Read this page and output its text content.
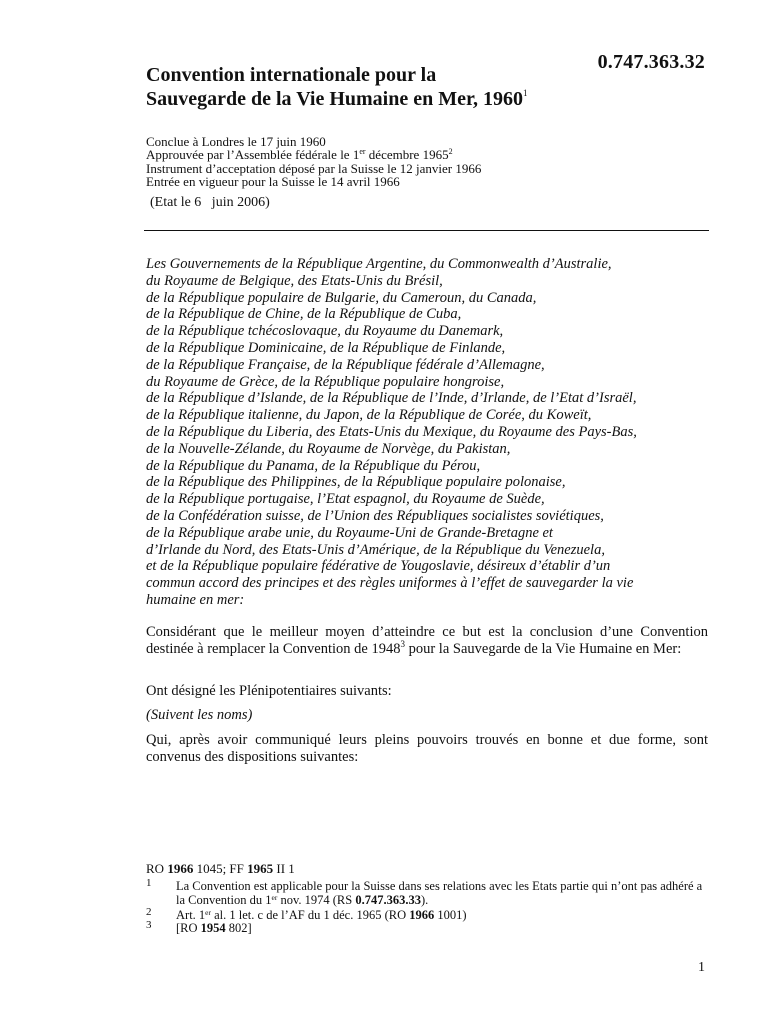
0.747.363.32
Convention internationale pour la
Sauvegarde de la Vie Humaine en Mer, 1960$^1$
Conclue à Londres le 17 juin 1960
Approuvée par l’Assemblée fédérale le 1er décembre 1965$^2$
Instrument d’acceptation déposé par la Suisse le 12 janvier 1966
Entrée en vigueur pour la Suisse le 14 avril 1966
(Etat le 6   juin 2006)
Les Gouvernements de la République Argentine, du Commonwealth d’Australie,
du Royaume de Belgique, des Etats-Unis du Brésil,
de la République populaire de Bulgarie, du Cameroun, du Canada,
de la République de Chine, de la République de Cuba,
de la République tchécoslovaque, du Royaume du Danemark,
de la République Dominicaine, de la République de Finlande,
de la République Française, de la République fédérale d’Allemagne,
du Royaume de Grèce, de la République populaire hongroise,
de la République d’Islande, de la République de l’Inde, d’Irlande, de l’Etat d’Israël,
de la République italienne, du Japon, de la République de Corée, du Koweït,
de la République du Liberia, des Etats-Unis du Mexique, du Royaume des Pays-Bas,
de la Nouvelle-Zélande, du Royaume de Norvège, du Pakistan,
de la République du Panama, de la République du Pérou,
de la République des Philippines, de la République populaire polonaise,
de la République portugaise, l’Etat espagnol, du Royaume de Suède,
de la Confédération suisse, de l’Union des Républiques socialistes soviétiques,
de la République arabe unie, du Royaume-Uni de Grande-Bretagne et
d’Irlande du Nord, des Etats-Unis d’Amérique, de la République du Venezuela,
et de la République populaire fédérative de Yougoslavie, désireux d’établir d’un
commun accord des principes et des règles uniformes à l’effet de sauvegarder la vie
humaine en mer:
Considérant que le meilleur moyen d’atteindre ce but est la conclusion d’une Convention destinée à remplacer la Convention de 1948$^3$ pour la Sauvegarde de la Vie Humaine en Mer:
Ont désigné les Plénipotentiaires suivants:
(Suivent les noms)
Qui, après avoir communiqué leurs pleins pouvoirs trouvés en bonne et due forme, sont convenus des dispositions suivantes:
RO 1966 1045; FF 1965 II 1
1 La Convention est applicable pour la Suisse dans ses relations avec les Etats partie qui n’ont pas adhéré a la Convention du 1er nov. 1974 (RS 0.747.363.33).
2 Art. 1er al. 1 let. c de l’AF du 1 déc. 1965 (RO 1966 1001)
3 [RO 1954 802]
1
